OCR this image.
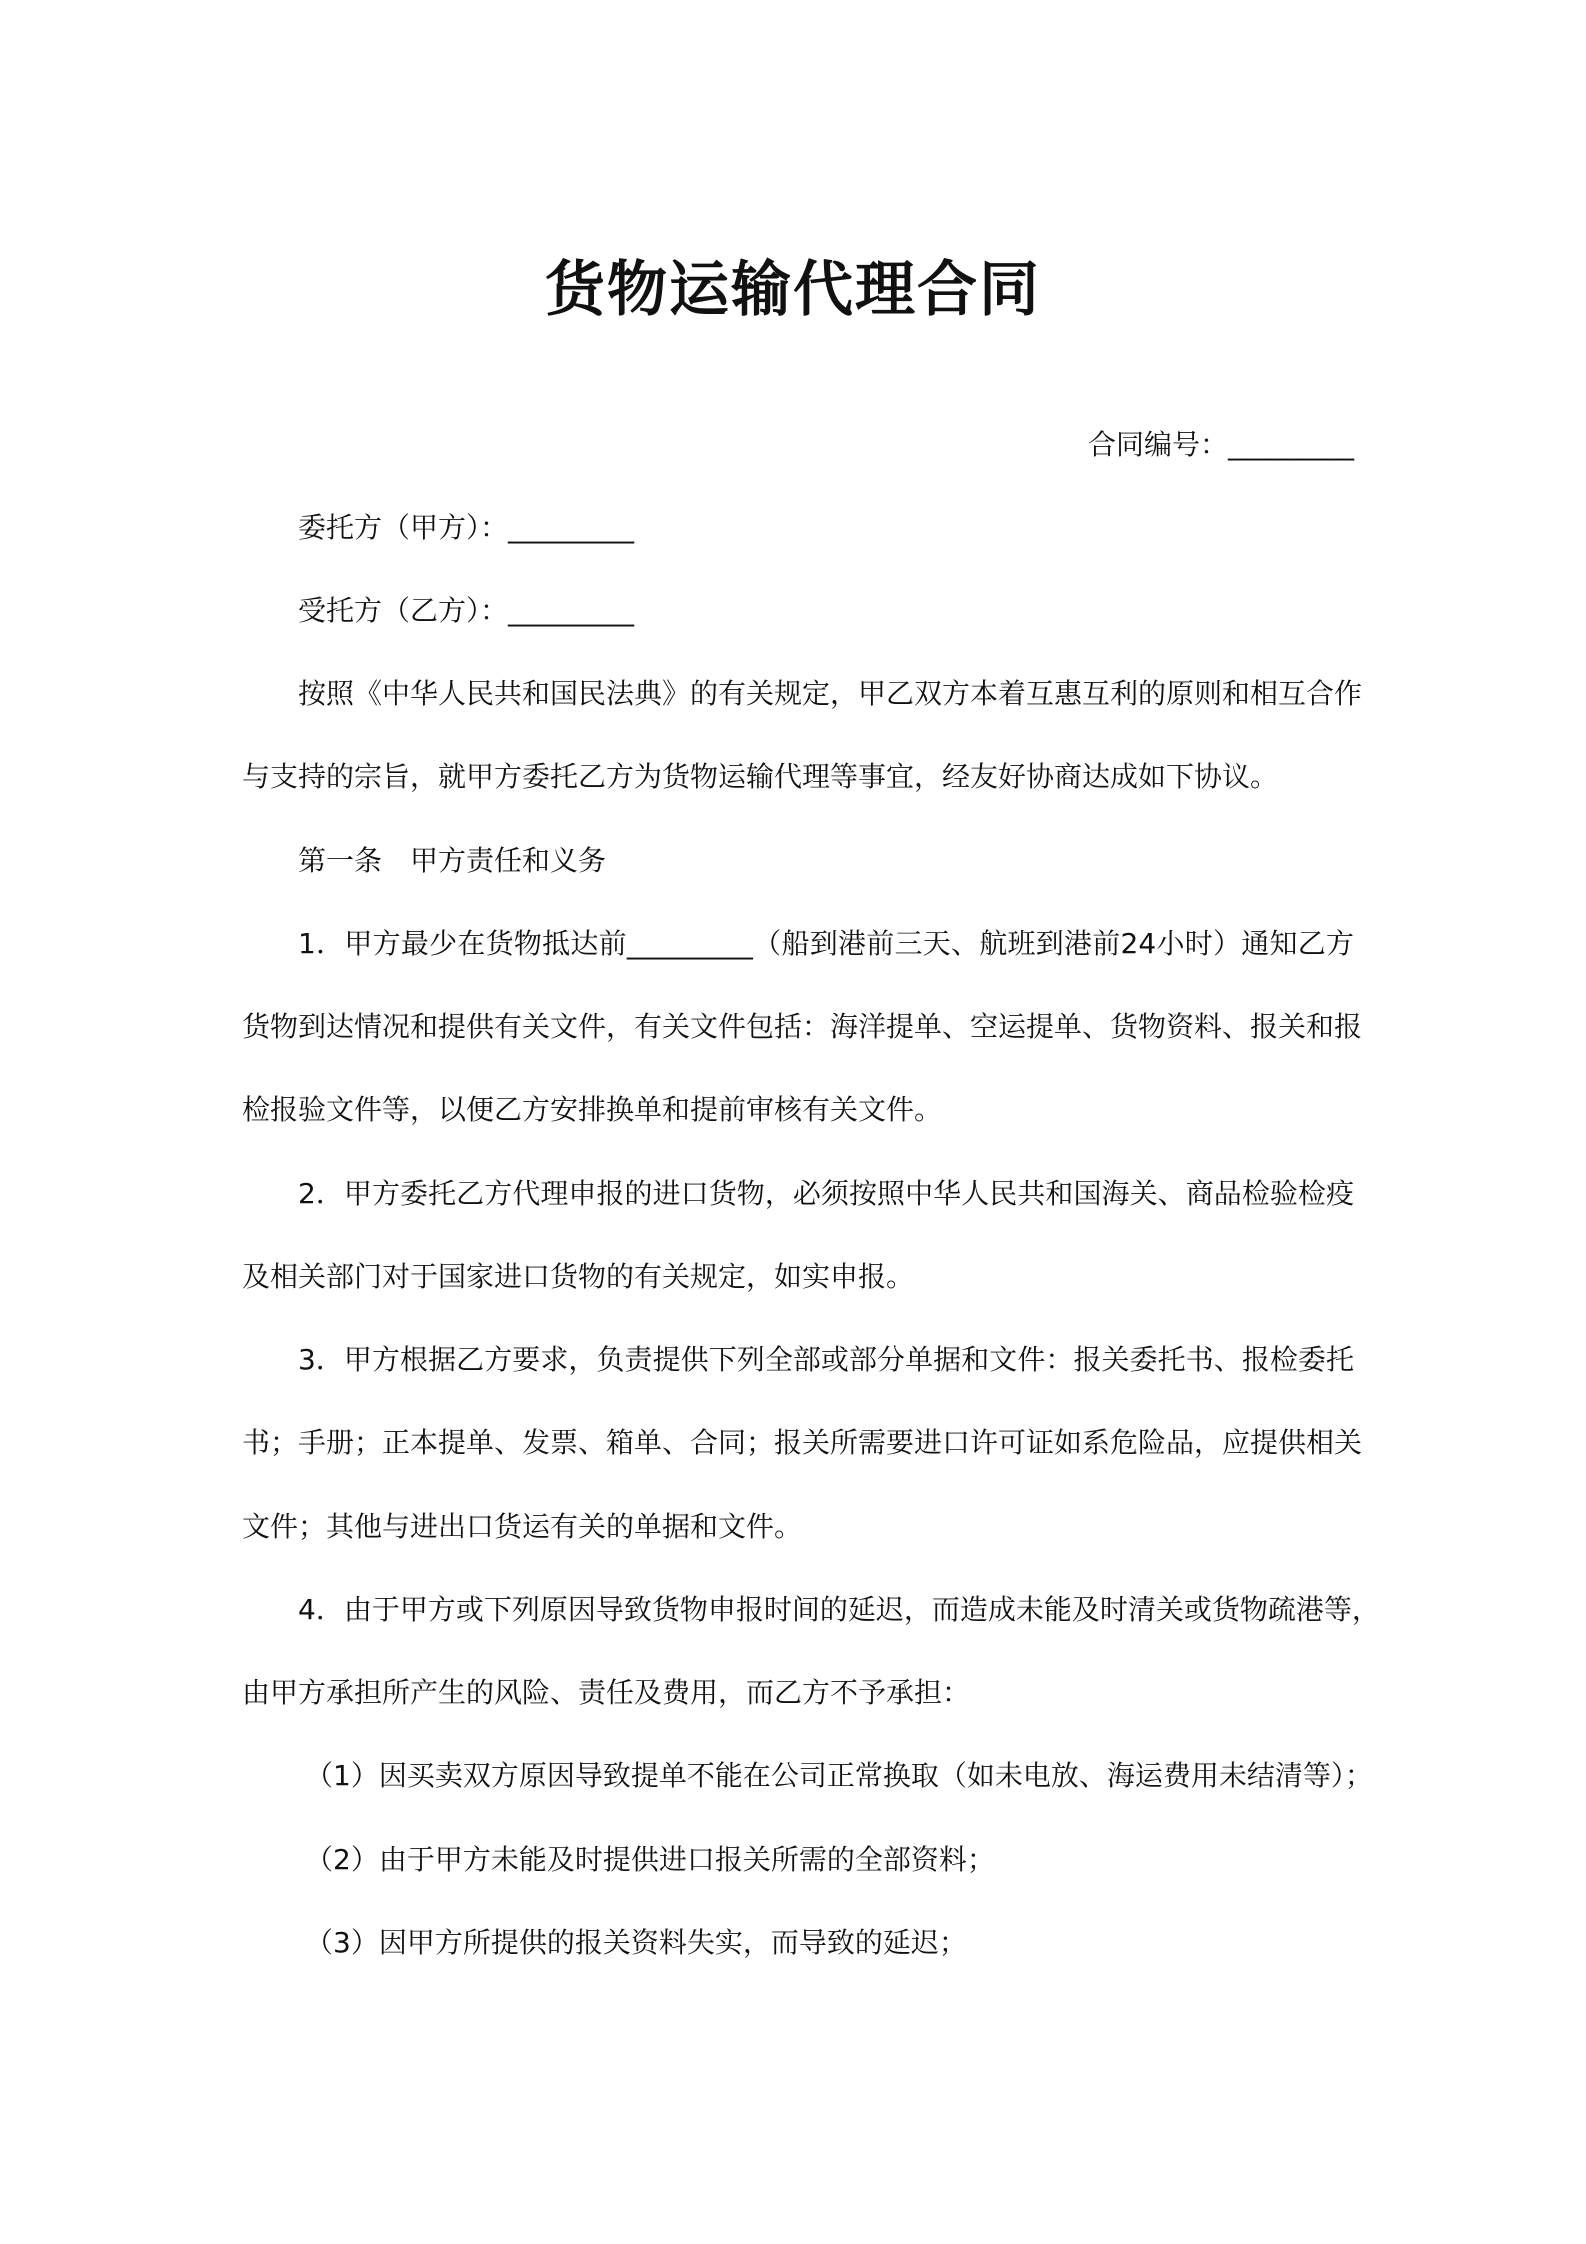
货物运输代理合同

合同编号：_________

委托方（甲方）：_________

受托方（乙方）：_________

按照《中华人民共和国民法典》的有关规定，甲乙双方本着互惠互利的原则和相互合作

与支持的宗旨，就甲方委托乙方为货物运输代理等事宜，经友好协商达成如下协议。

第一条　甲方责任和义务

1．甲方最少在货物抵达前_________（船到港前三天、航班到港前24小时）通知乙方

货物到达情况和提供有关文件，有关文件包括：海洋提单、空运提单、货物资料、报关和报

检报验文件等，以便乙方安排换单和提前审核有关文件。

2．甲方委托乙方代理申报的进口货物，必须按照中华人民共和国海关、商品检验检疫

及相关部门对于国家进口货物的有关规定，如实申报。

3．甲方根据乙方要求，负责提供下列全部或部分单据和文件：报关委托书、报检委托

书；手册；正本提单、发票、箱单、合同；报关所需要进口许可证如系危险品，应提供相关

文件；其他与进出口货运有关的单据和文件。

4．由于甲方或下列原因导致货物申报时间的延迟，而造成未能及时清关或货物疏港等，

由甲方承担所产生的风险、责任及费用，而乙方不予承担：

（1）因买卖双方原因导致提单不能在公司正常换取（如未电放、海运费用未结清等）；

（2）由于甲方未能及时提供进口报关所需的全部资料；

（3）因甲方所提供的报关资料失实，而导致的延迟；
